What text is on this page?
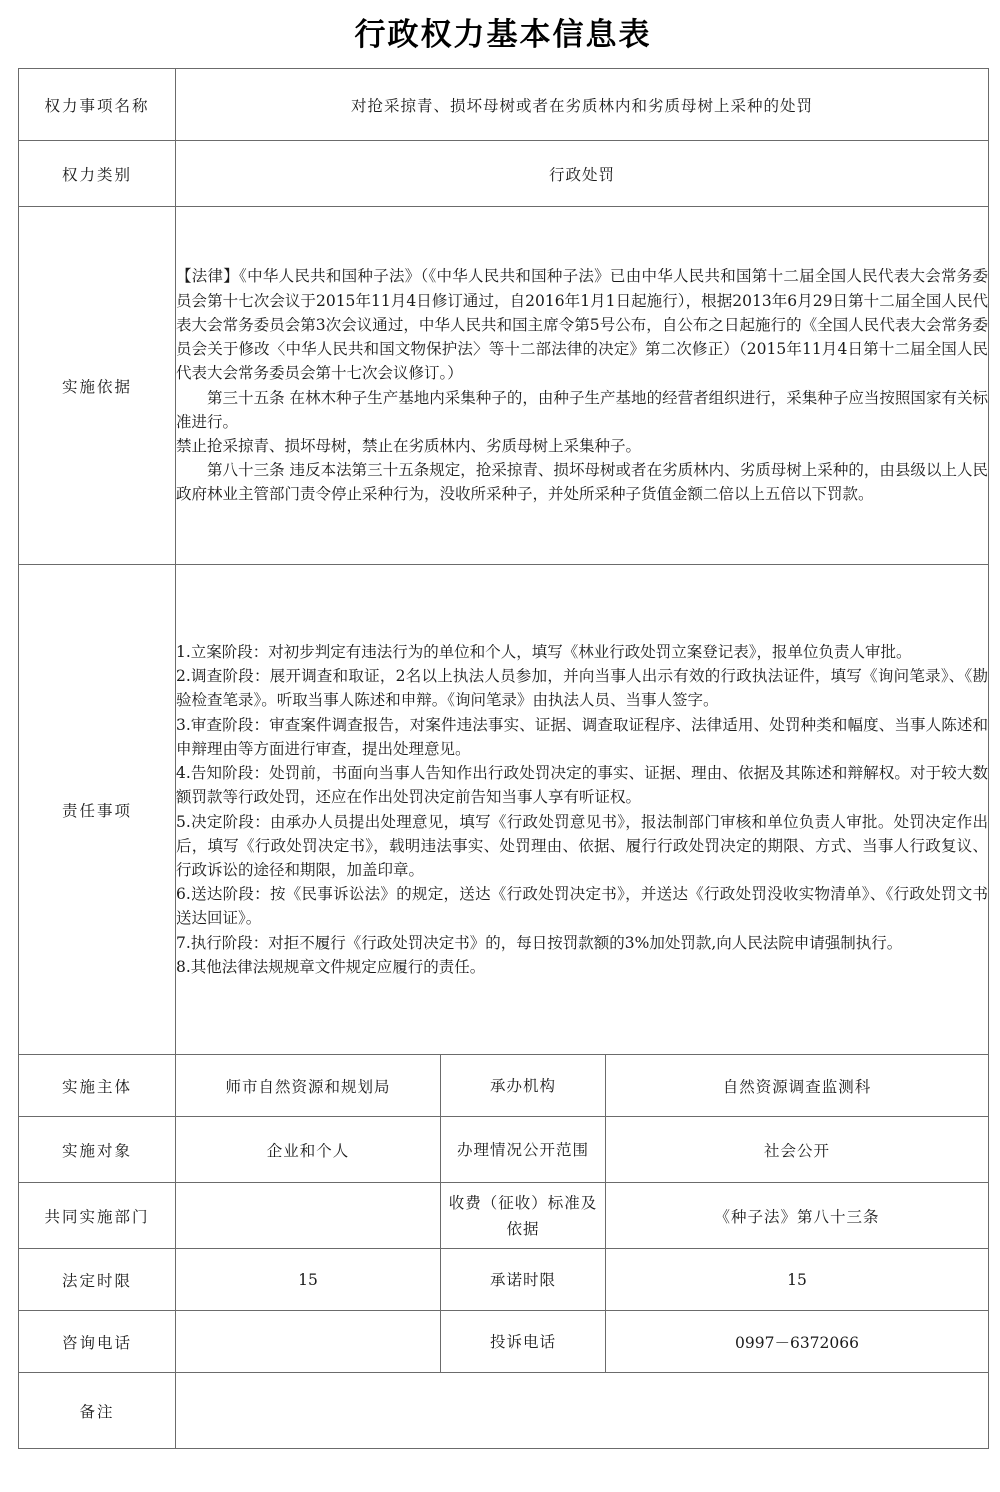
行政权力基本信息表
权力事项名称	对抢采掠青、损坏母树或者在劣质林内和劣质母树上采种的处罚		
权力类别	行政处罚		
实施依据	【法律】《中华人民共和国种子法》（《中华人民共和国种子法》已由中华人民共和国第十二届全国人民代表大会常务委员会第十七次会议于2015年11月4日修订通过，自2016年1月1日起施行），根据2013年6月29日第十二届全国人民代表大会常务委员会第3次会议通过，中华人民共和国主席令第5号公布，自公布之日起施行的《全国人民代表大会常务委员会关于修改〈中华人民共和国文物保护法〉等十二部法律的决定》第二次修正）（2015年11月4日第十二届全国人民代表大会常务委员会第十七次会议修订。）

第三十五条 在林木种子生产基地内采集种子的，由种子生产基地的经营者组织进行，采集种子应当按照国家有关标准进行。

禁止抢采掠青、损坏母树，禁止在劣质林内、劣质母树上采集种子。

第八十三条 违反本法第三十五条规定，抢采掠青、损坏母树或者在劣质林内、劣质母树上采种的，由县级以上人民政府林业主管部门责令停止采种行为，没收所采种子，并处所采种子货值金额二倍以上五倍以下罚款。		

责任事项	

1.立案阶段：对初步判定有违法行为的单位和个人，填写《林业行政处罚立案登记表》，报单位负责人审批。

2.调查阶段：展开调查和取证，2名以上执法人员参加，并向当事人出示有效的行政执法证件，填写《询问笔录》、《勘验检查笔录》。听取当事人陈述和申辩。《询问笔录》由执法人员、当事人签字。

3.审查阶段：审查案件调查报告，对案件违法事实、证据、调查取证程序、法律适用、处罚种类和幅度、当事人陈述和申辩理由等方面进行审查，提出处理意见。

4.告知阶段：处罚前，书面向当事人告知作出行政处罚决定的事实、证据、理由、依据及其陈述和辩解权。对于较大数额罚款等行政处罚，还应在作出处罚决定前告知当事人享有听证权。

5.决定阶段：由承办人员提出处理意见，填写《行政处罚意见书》，报法制部门审核和单位负责人审批。处罚决定作出后，填写《行政处罚决定书》，载明违法事实、处罚理由、依据、履行行政处罚决定的期限、方式、当事人行政复议、行政诉讼的途径和期限，加盖印章。

6.送达阶段：按《民事诉讼法》的规定，送达《行政处罚决定书》，并送达《行政处罚没收实物清单》、《行政处罚文书送达回证》。

7.执行阶段：对拒不履行《行政处罚决定书》的，每日按罚款额的3%加处罚款,向人民法院申请强制执行。

8.其他法律法规规章文件规定应履行的责任。

实施主体	师市自然资源和规划局	承办机构	自然资源调查监测科
实施对象	企业和个人	办理情况公开范围	社会公开
共同实施部门		收费（征收）标准及依据	《种子法》第八十三条
法定时限	15	承诺时限	15
咨询电话		投诉电话	0997－6372066
备注			
